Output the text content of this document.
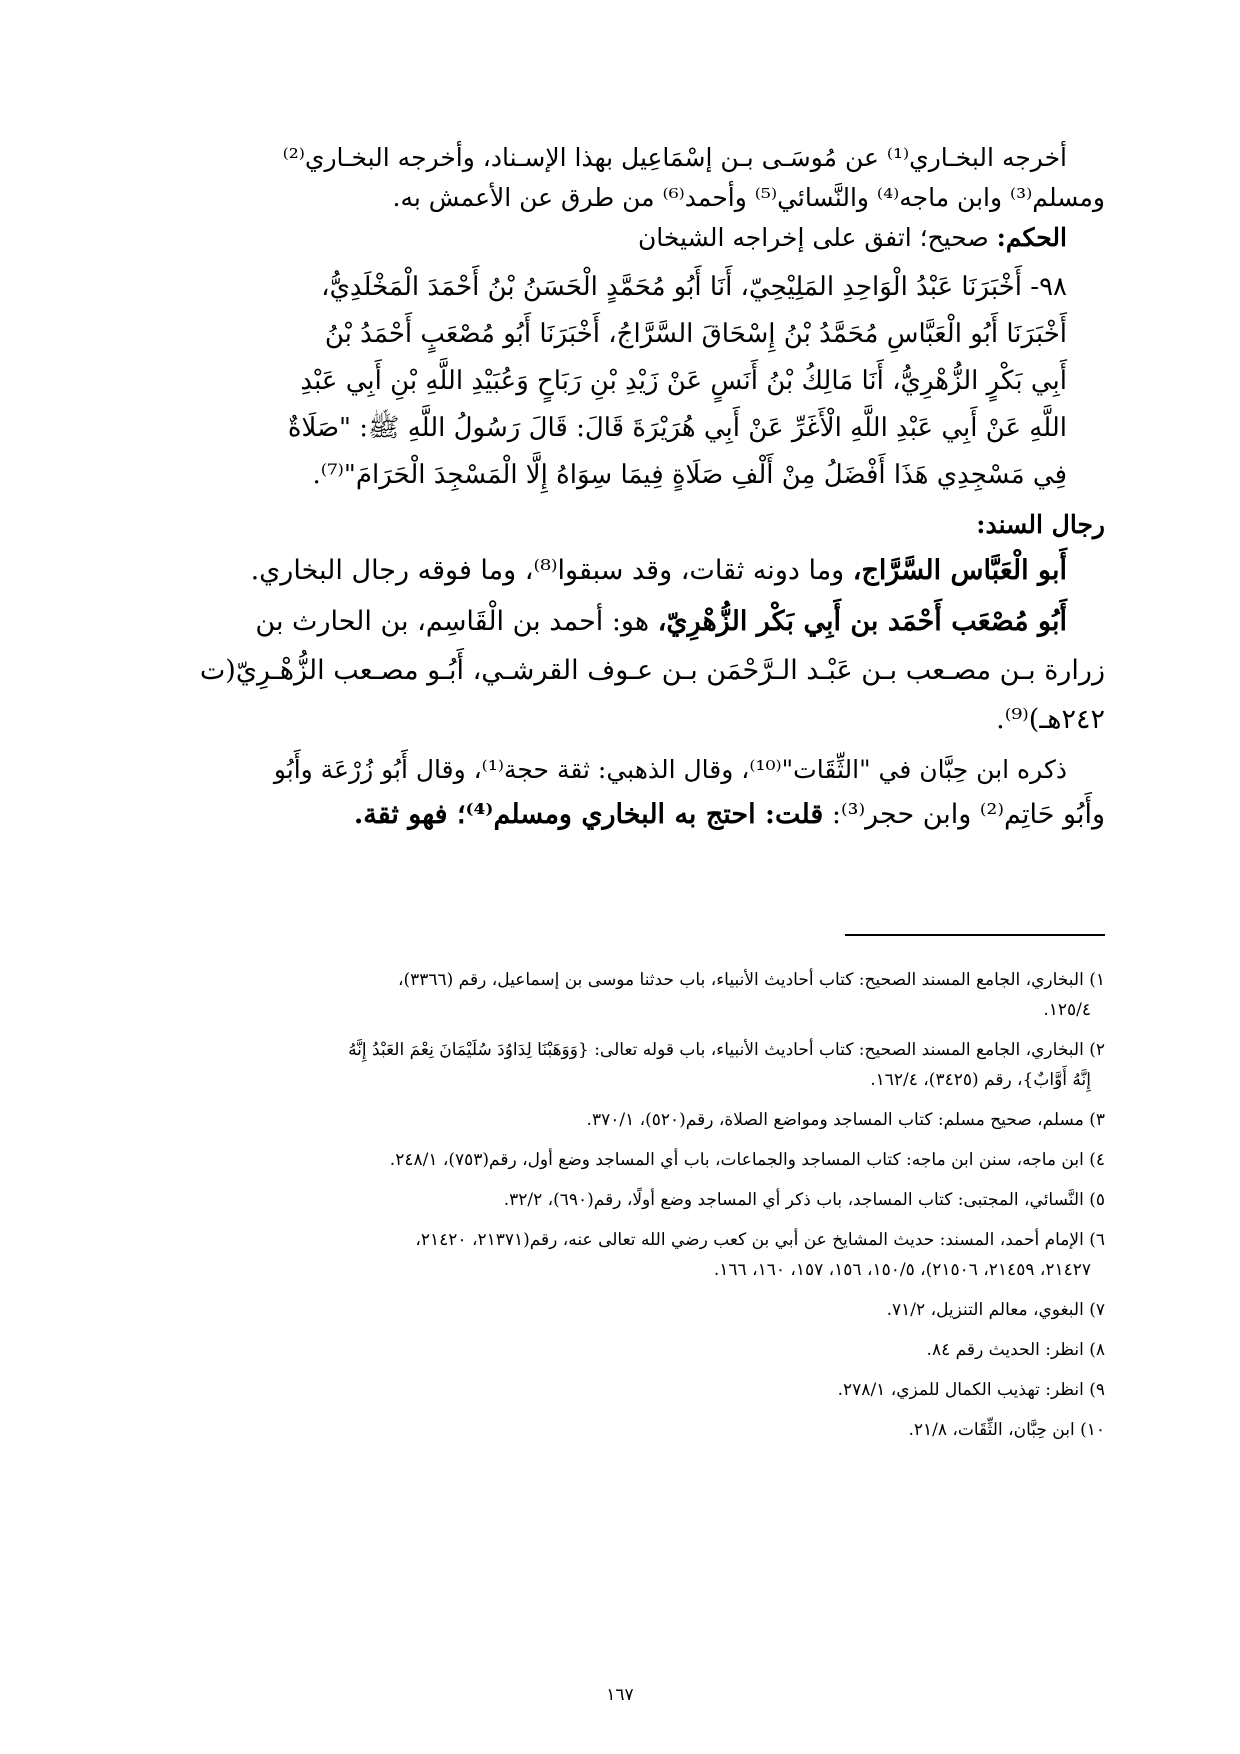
أخرجه البخـاري⁽¹⁾ عن مُوسَـى بـن إسْمَاعِيل بهذا الإسـناد، وأخرجه البخـاري⁽²⁾

ومسلم⁽³⁾ وابن ماجه⁽⁴⁾ والنَّسائي⁽⁵⁾ وأحمد⁽⁶⁾ من طرق عن الأعمش به.

الحكم: صحيح؛ اتفق على إخراجه الشيخان

٩٨- أَخْبَرَنَا عَبْدُ الْوَاحِدِ المَلِيْحِيّ، أَنَا أَبُو مُحَمَّدٍ الْحَسَنُ بْنُ أَحْمَدَ الْمَخْلَدِيُّ،

أَخْبَرَنَا أَبُو الْعَبَّاسِ مُحَمَّدُ بْنُ إِسْحَاقَ السَّرَّاجُ، أَخْبَرَنَا أَبُو مُصْعَبٍ أَحْمَدُ بْنُ

أَبِي بَكْرٍ الزُّهْرِيُّ، أَنَا مَالِكُ بْنُ أَنَسٍ عَنْ زَيْدِ بْنِ رَبَاحٍ وَعُبَيْدِ اللَّهِ بْنِ أَبِي عَبْدِ

اللَّهِ عَنْ أَبِي عَبْدِ اللَّهِ الْأَغَرِّ عَنْ أَبِي هُرَيْرَةَ قَالَ: قَالَ رَسُولُ اللَّهِ ﷺ: "صَلَاةٌ

فِي مَسْجِدِي هَذَا أَفْضَلُ مِنْ أَلْفِ صَلَاةٍ فِيمَا سِوَاهُ إِلَّا الْمَسْجِدَ الْحَرَامَ"⁽⁷⁾.

رجال السند:

أَبو الْعَبَّاس السَّرَّاج، وما دونه ثقات، وقد سبقوا⁽⁸⁾، وما فوقه رجال البخاري.

أَبُو مُصْعَب أَحْمَد بن أَبِي بَكْر الزُّهْرِيّ، هو: أحمد بن الْقَاسِم، بن الحارث بن

زرارة بـن مصـعب بـن عَبْـد الـرَّحْمَن بـن عـوف القرشـي، أَبُـو مصـعب الزُّهْـرِيّ(ت

٢٤٢هـ)⁽⁹⁾.

ذكره ابن حِبَّان في "الثِّقَات"⁽¹⁰⁾، وقال الذهبي: ثقة حجة⁽¹⁾، وقال أَبُو زُرْعَة وأَبُو

وأَبُو حَاتِم⁽²⁾ وابن حجر⁽³⁾: قلت: احتج به البخاري ومسلم⁽⁴⁾؛ فهو ثقة.

١) البخاري، الجامع المسند الصحيح: كتاب أحاديث الأنبياء، باب حدثنا موسى بن إسماعيل، رقم (٣٣٦٦)،
١٢٥/٤.
٢) البخاري، الجامع المسند الصحيح: كتاب أحاديث الأنبياء، باب قوله تعالى: {وَوَهَبْنَا لِدَاوُدَ سُلَيْمَانَ نِعْمَ العَبْدُ إِنَّهُ
إِنَّهُ أَوَّابٌ}، رقم (٣٤٢٥)، ١٦٢/٤.
٣) مسلم، صحيح مسلم: كتاب المساجد ومواضع الصلاة، رقم(٥٢٠)، ٣٧٠/١.
٤) ابن ماجه، سنن ابن ماجه: كتاب المساجد والجماعات، باب أي المساجد وضع أول، رقم(٧٥٣)، ٢٤٨/١.
٥) النَّسائي، المجتبى: كتاب المساجد، باب ذكر أي المساجد وضع أولًا، رقم(٦٩٠)، ٣٢/٢.
٦) الإمام أحمد، المسند: حديث المشايخ عن أبي بن كعب رضي الله تعالى عنه، رقم(٢١٣٧١، ٢١٤٢٠،
٢١٤٢٧، ٢١٤٥٩، ٢١٥٠٦)، ١٥٠/٥، ١٥٦، ١٥٧، ١٦٠، ١٦٦.
٧) البغوي، معالم التنزيل، ٧١/٢.
٨) انظر: الحديث رقم ٨٤.
٩) انظر: تهذيب الكمال للمزي، ٢٧٨/١.
١٠) ابن حِبَّان، الثِّقَات، ٢١/٨.
١٦٧
